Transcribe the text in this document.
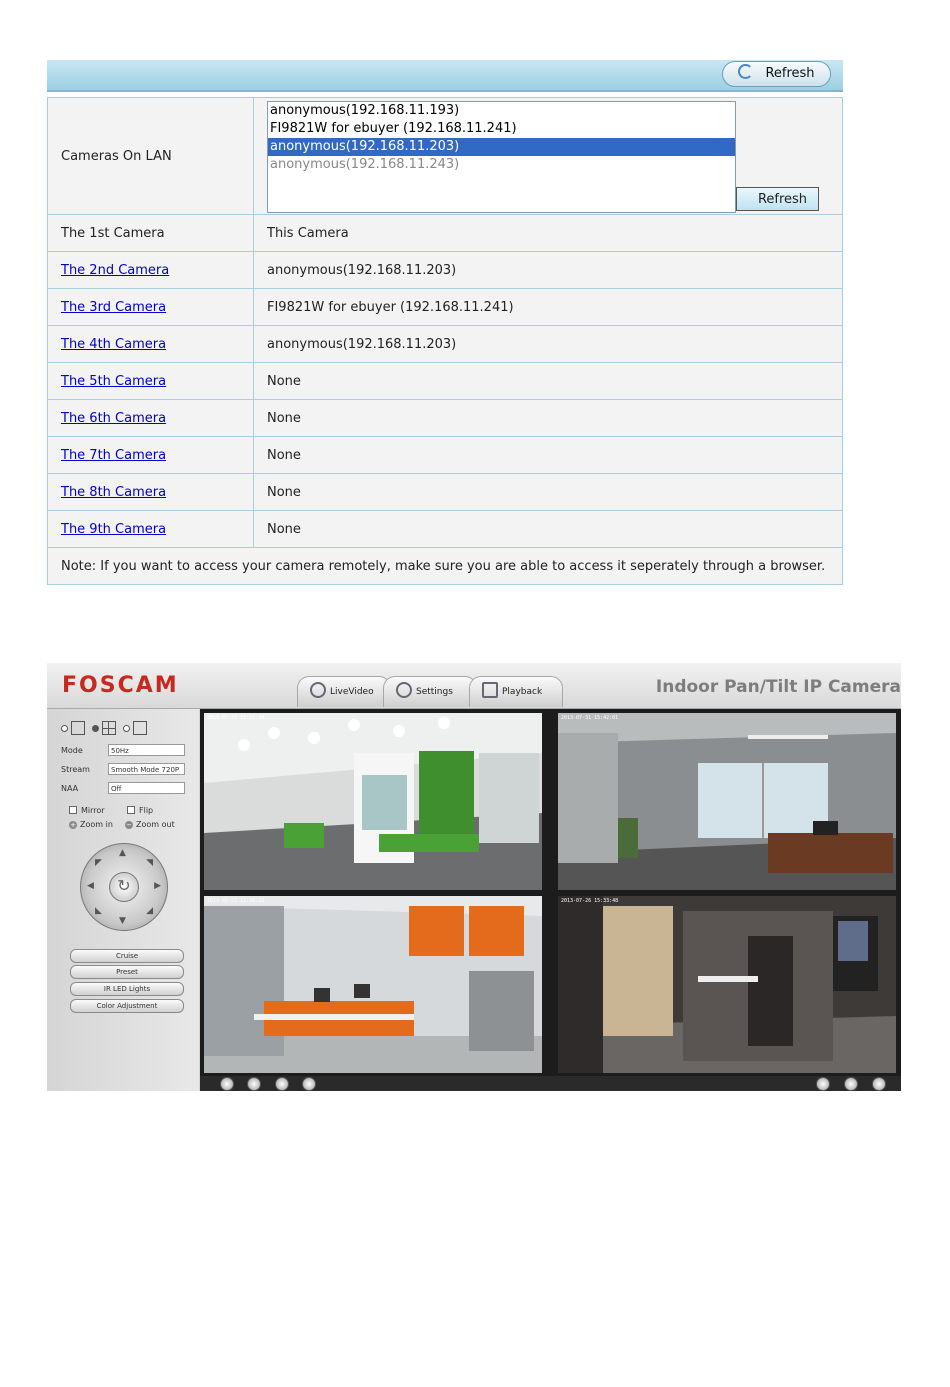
Refresh
Cameras On LAN	anonymous(192.168.11.193)
FI9821W for ebuyer (192.168.11.241)
anonymous(192.168.11.203)
anonymous(192.168.11.243)
Refresh

The 1st Camera	This Camera
The 2nd Camera	anonymous(192.168.11.203)
The 3rd Camera	FI9821W for ebuyer (192.168.11.241)
The 4th Camera	anonymous(192.168.11.203)
The 5th Camera	None
The 6th Camera	None
The 7th Camera	None
The 8th Camera	None
The 9th Camera	None
Note: If you want to access your camera remotely, make sure you are able to access it seperately through a browser.	
FOSCAM	LiveVideo	Settings	Playback	Indoor Pan/Tilt IP Camera

Mode	50Hz
Stream	Smooth Mode 720P
NAA	Off
Mirror	Flip
+ Zoom in − Zoom out
▲
▼
◀	▶
◤	◥
◣	◢
↻
Cruise
Preset
IR LED Lights
Color Adjustment
2013-07-31 11:32:29	2013-07-31 15:42:01
2013-07-31 11:30:22	2013-07-26 15:33:48
